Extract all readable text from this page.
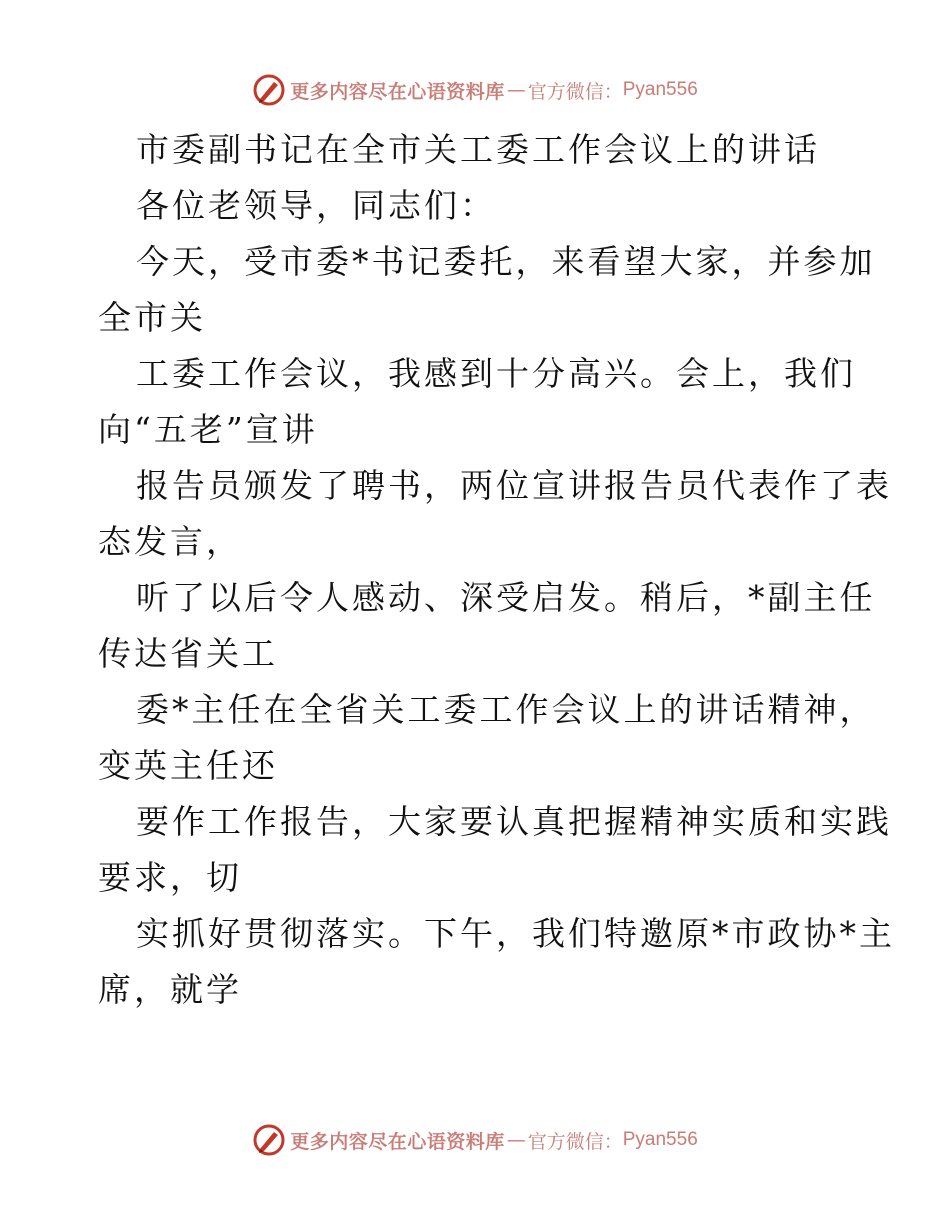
更多内容尽在心语资料库 — 官方微信： Pyan556
市委副书记在全市关工委工作会议上的讲话
各位老领导，同志们：
今天，受市委*书记委托，来看望大家，并参加
全市关
工委工作会议，我感到十分高兴。会上，我们
向“五老”宣讲
报告员颁发了聘书，两位宣讲报告员代表作了表
态发言，
听了以后令人感动、深受启发。稍后，*副主任
传达省关工
委*主任在全省关工委工作会议上的讲话精神，
变英主任还
要作工作报告，大家要认真把握精神实质和实践
要求，切
实抓好贯彻落实。下午，我们特邀原*市政协*主
席，就学
更多内容尽在心语资料库 — 官方微信： Pyan556
